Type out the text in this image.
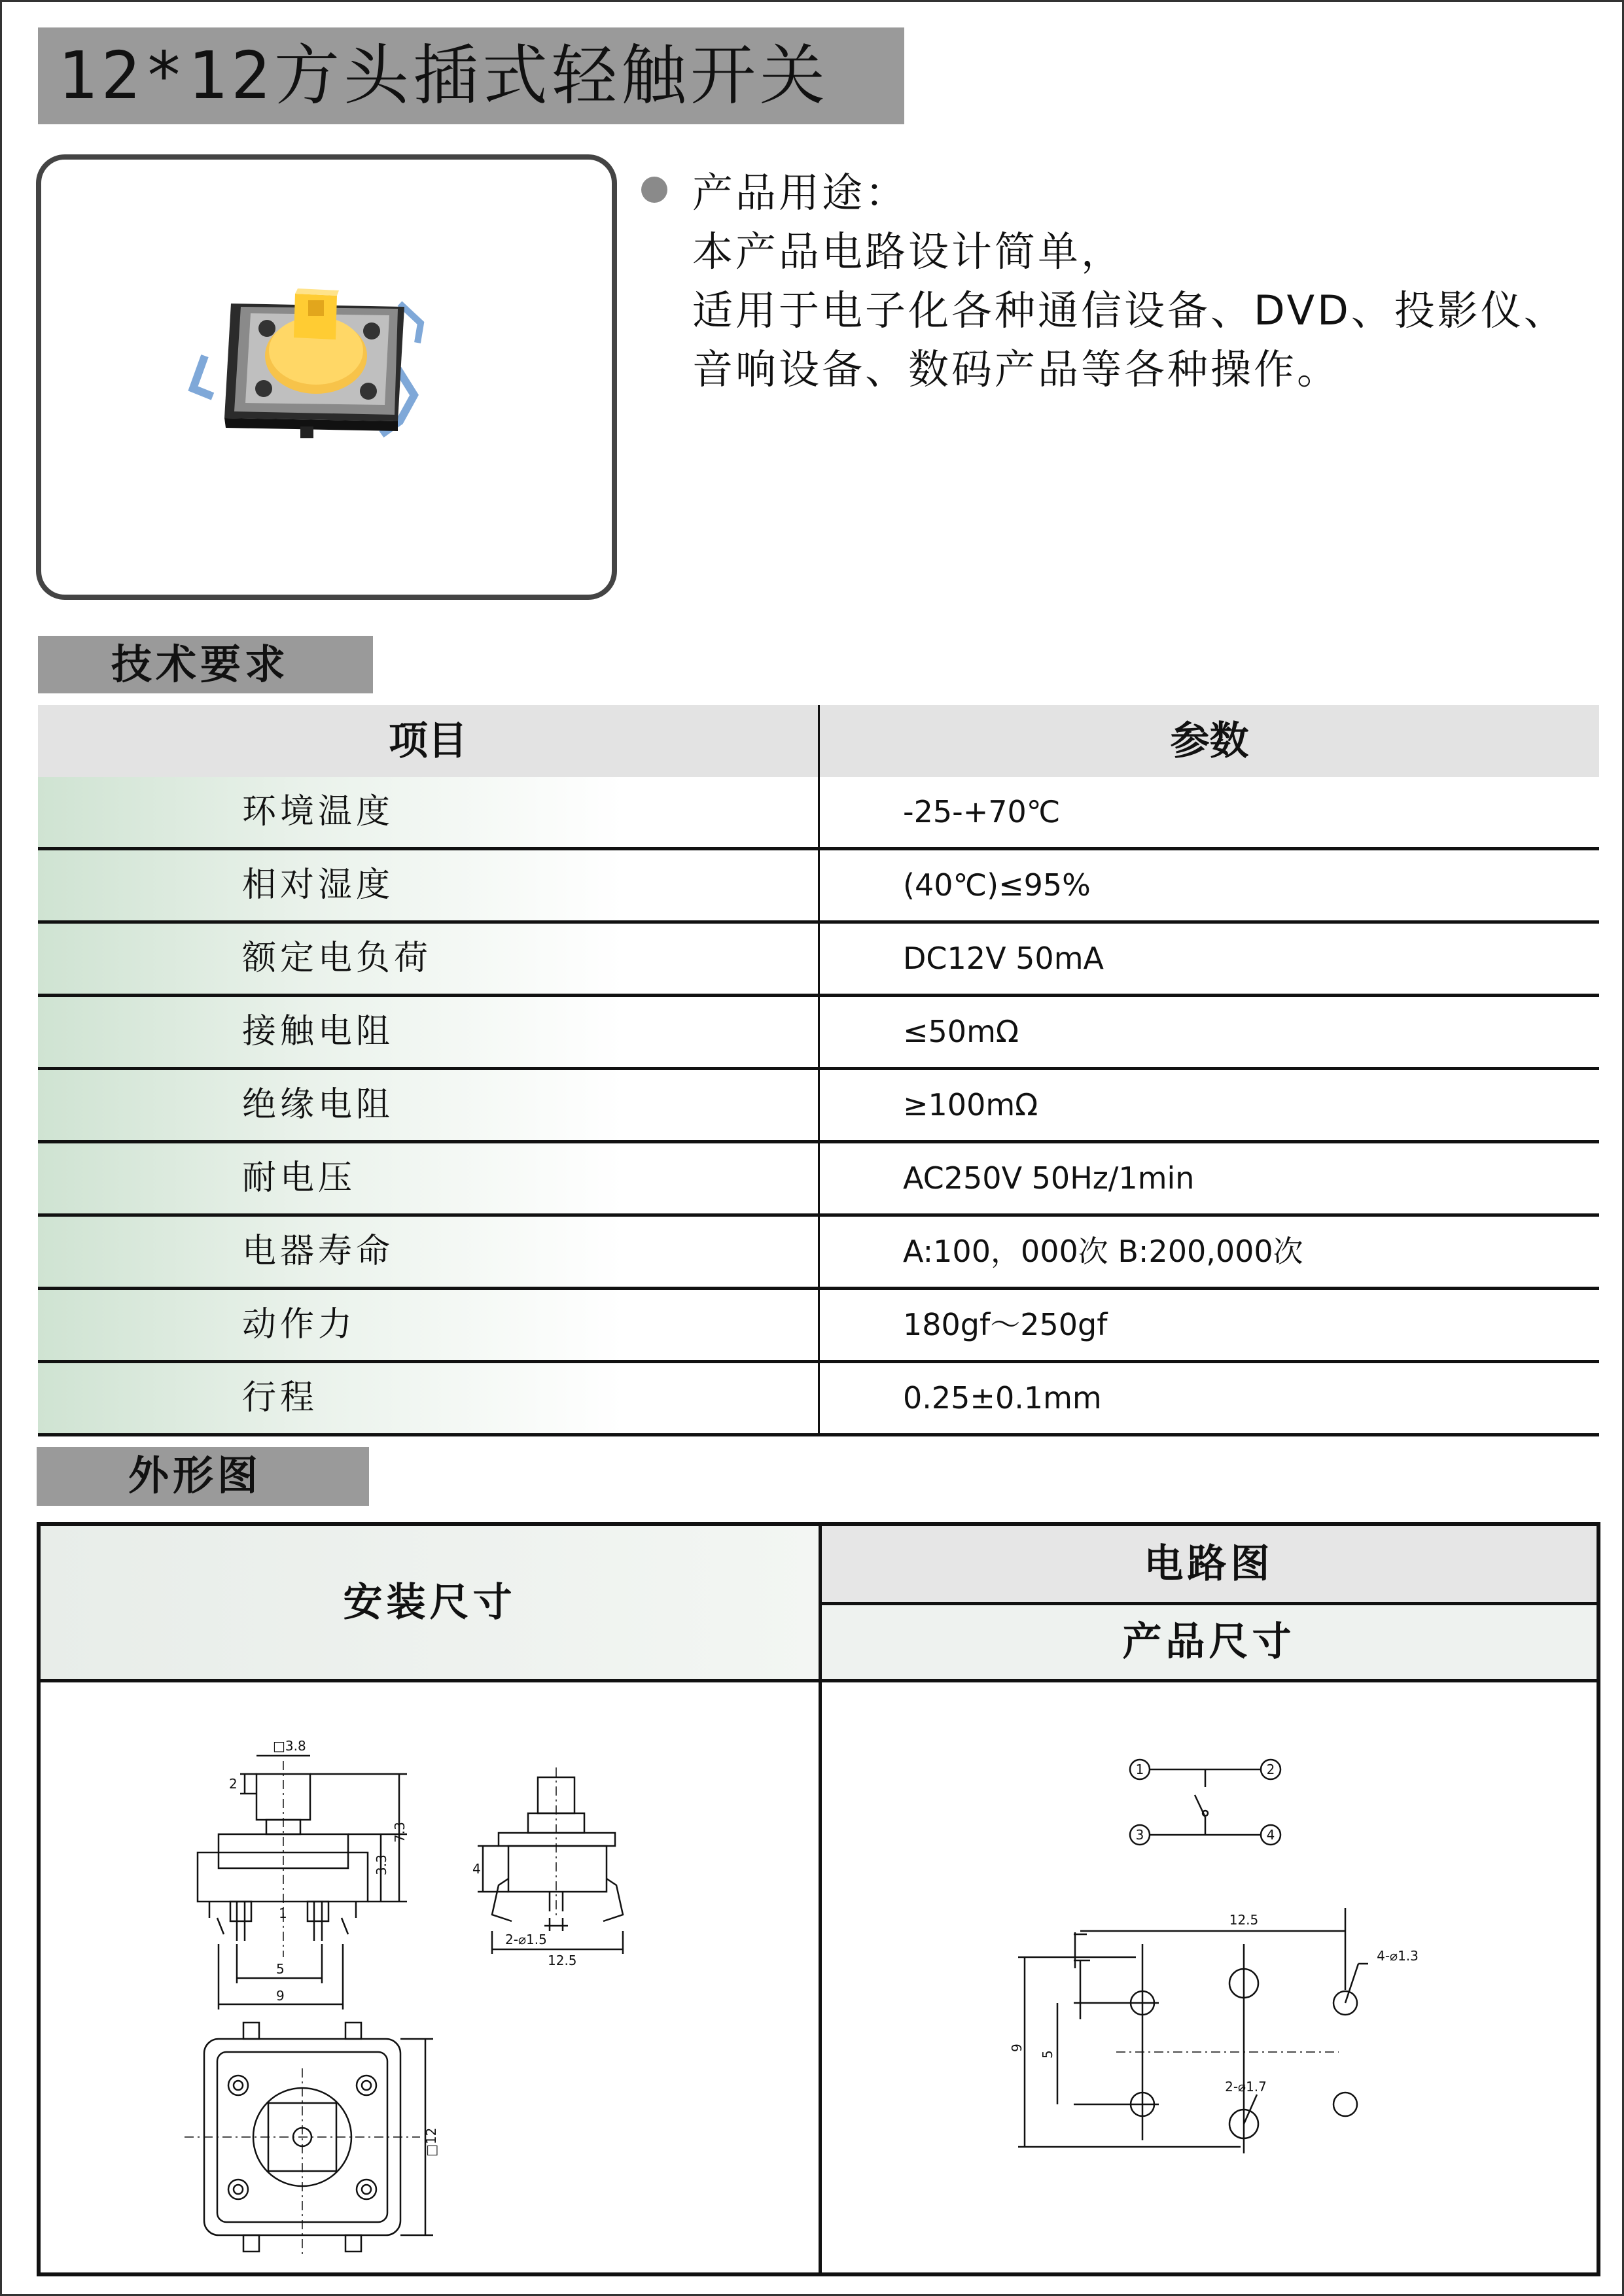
12*12方头插式轻触开关
产品用途：
本产品电路设计简单，
适用于电子化各种通信设备、DVD、投影仪、
音响设备、数码产品等各种操作。
技术要求
项目	参数
环境温度	-25-+70℃
相对湿度	(40℃)≤95%
额定电负荷	DC12V 50mA
接触电阻	≤50mΩ
绝缘电阻	≥100mΩ
耐电压	AC250V 50Hz/1min
电器寿命	A:100，000次 B:200,000次
动作力	180gf～250gf
行程	0.25±0.1mm
外形图
安装尺寸
电路图
产品尺寸
□3.8
2
7.3
3.3
1
5
9
4
2-⌀1.5
12.5
□12
1	2
3	4
12.5
4-⌀1.3
2-⌀1.7
9
5
